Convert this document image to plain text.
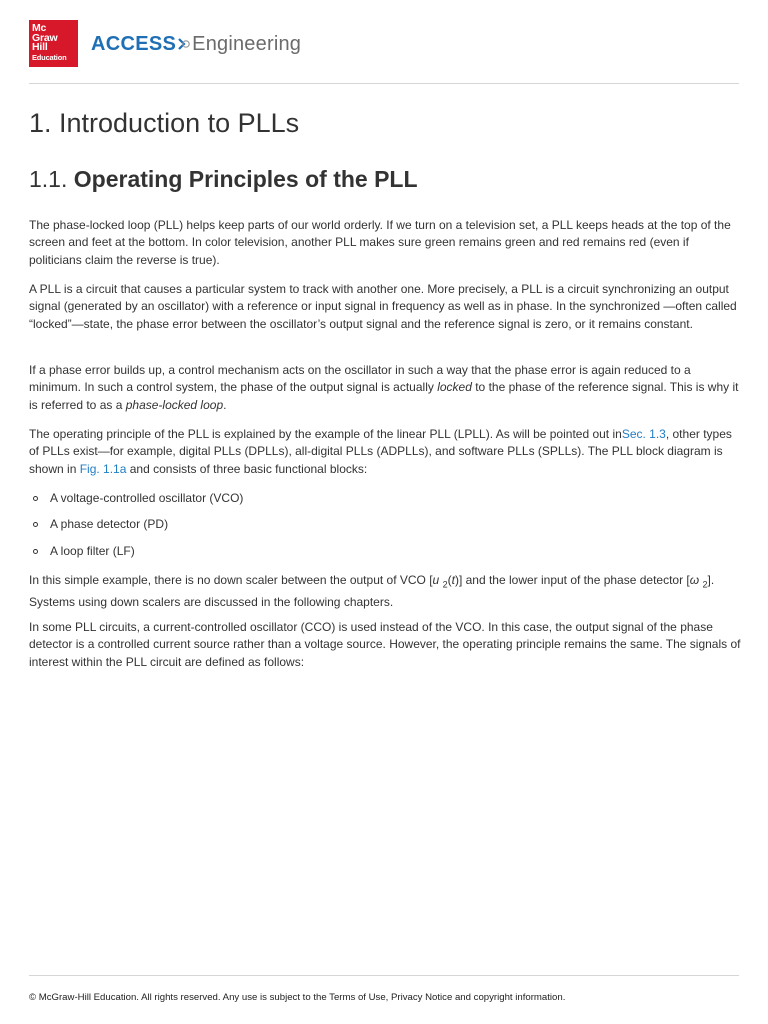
Mc
Graw
Hill
Education
ACCESS Engineering
1. Introduction to PLLs
1.1. Operating Principles of the PLL

The phase-locked loop (PLL) helps keep parts of our world orderly. If we turn on a television set, a PLL keeps heads at the top of the screen and feet at the bottom. In color television, another PLL makes sure green remains green and red remains red (even if politicians claim the reverse is true).

A PLL is a circuit that causes a particular system to track with another one. More precisely, a PLL is a circuit synchronizing an output signal (generated by an oscillator) with a reference or input signal in frequency as well as in phase. In the synchronized —often called “locked”—state, the phase error between the oscillator’s output signal and the reference signal is zero, or it remains constant.

If a phase error builds up, a control mechanism acts on the oscillator in such a way that the phase error is again reduced to a minimum. In such a control system, the phase of the output signal is actually locked to the phase of the reference signal. This is why it is referred to as a phase-locked loop.

The operating principle of the PLL is explained by the example of the linear PLL (LPLL). As will be pointed out inSec. 1.3, other types of PLLs exist—for example, digital PLLs (DPLLs), all-digital PLLs (ADPLLs), and software PLLs (SPLLs). The PLL block diagram is shown in Fig. 1.1a and consists of three basic functional blocks:

A voltage-controlled oscillator (VCO)
A phase detector (PD)
A loop filter (LF)

In this simple example, there is no down scaler between the output of VCO [u $_2$(t)] and the lower input of the phase detector [ω $_2$]. Systems using down scalers are discussed in the following chapters.

In some PLL circuits, a current-controlled oscillator (CCO) is used instead of the VCO. In this case, the output signal of the phase detector is a controlled current source rather than a voltage source. However, the operating principle remains the same. The signals of interest within the PLL circuit are defined as follows:

© McGraw-Hill Education. All rights reserved. Any use is subject to the Terms of Use, Privacy Notice and copyright information.
